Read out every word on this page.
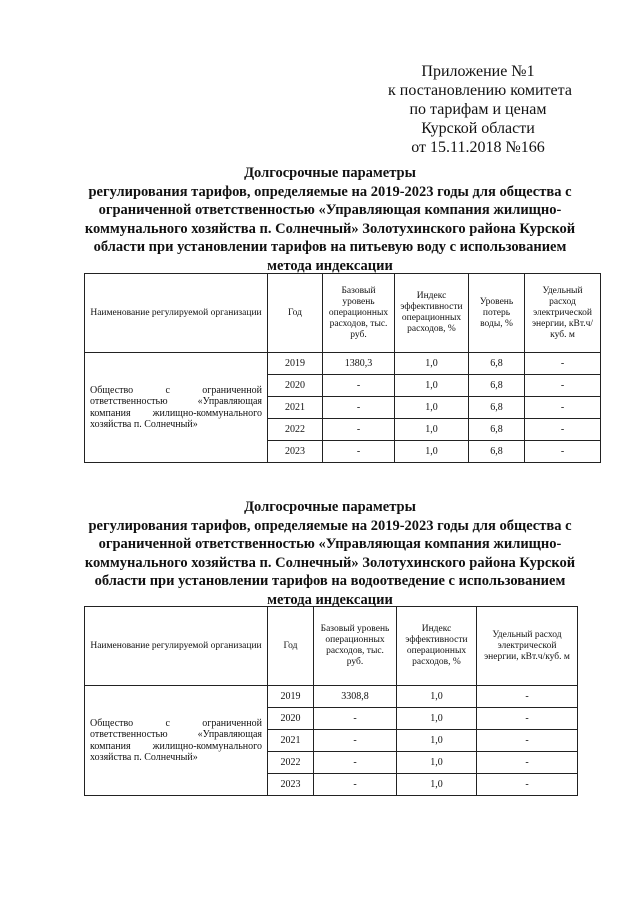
Приложение №1
к постановлению комитета
по тарифам и ценам
Курской области
от 15.11.2018 №166
Долгосрочные параметры
регулирования тарифов, определяемые на 2019-2023 годы для общества с
ограниченной ответственностью «Управляющая компания жилищно-
коммунального хозяйства п. Солнечный» Золотухинского района Курской
области при установлении тарифов на питьевую воду с использованием
метода индексации
Наименование регулируемой организации	Год	Базовый уровень операционных расходов, тыс. руб.	Индекс эффективности операционных расходов, %	Уровень потерь воды, %	Удельный расход электрической энергии, кВт.ч/куб. м
Общество с ограниченной ответственностью «Управляющая компания жилищно-коммунального хозяйства п. Солнечный»	2019	1380,3	1,0	6,8	-
	2020	-	1,0	6,8	-
	2021	-	1,0	6,8	-
	2022	-	1,0	6,8	-
	2023	-	1,0	6,8	-
Долгосрочные параметры
регулирования тарифов, определяемые на 2019-2023 годы для общества с
ограниченной ответственностью «Управляющая компания жилищно-
коммунального хозяйства п. Солнечный» Золотухинского района Курской
области при установлении тарифов на водоотведение с использованием
метода индексации
Наименование регулируемой организации	Год	Базовый уровень операционных расходов, тыс. руб.	Индекс эффективности операционных расходов, %	Удельный расход электрической энергии, кВт.ч/куб. м
Общество с ограниченной ответственностью «Управляющая компания жилищно-коммунального хозяйства п. Солнечный»	2019	3308,8	1,0	-
	2020	-	1,0	-
	2021	-	1,0	-
	2022	-	1,0	-
	2023	-	1,0	-
